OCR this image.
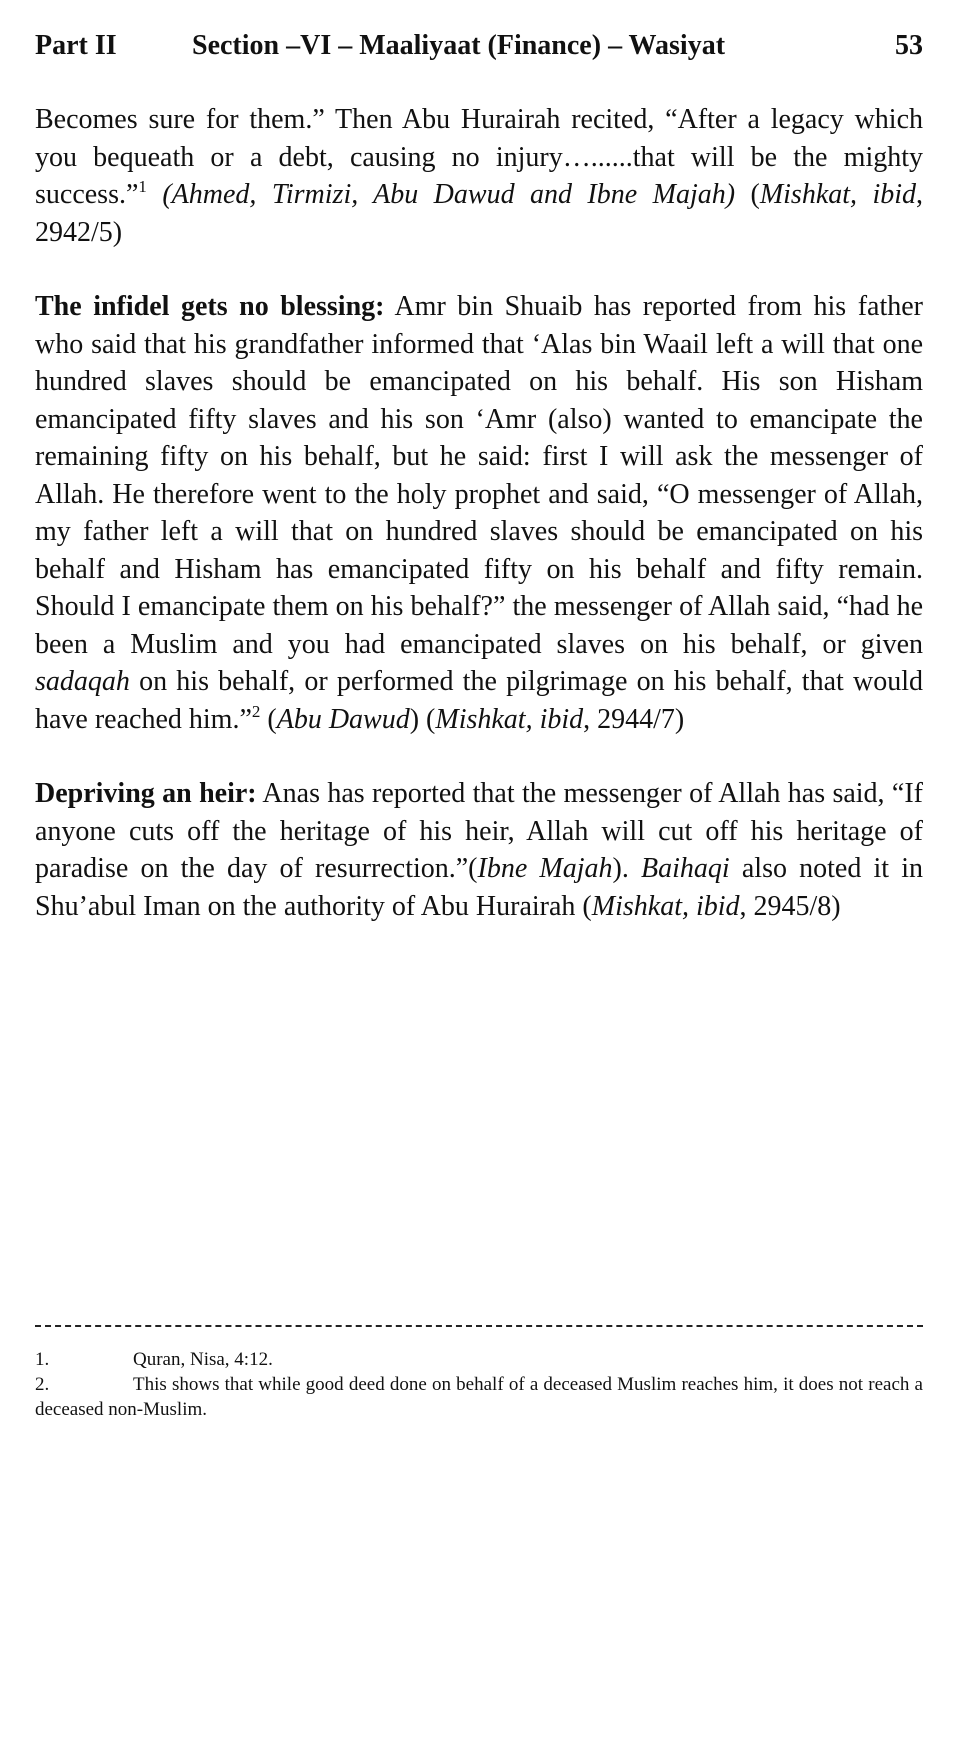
Part II	Section –VI – Maaliyaat (Finance) – Wasiyat	53

Becomes sure for them.” Then Abu Hurairah recited, “After a legacy which you bequeath or a debt, causing no injury…......that will be the mighty success.”$^1$ (Ahmed, Tirmizi, Abu Dawud and Ibne Majah) (Mishkat, ibid, 2942/5)

The infidel gets no blessing: Amr bin Shuaib has reported from his father who said that his grandfather informed that ‘Alas bin Waail left a will that one hundred slaves should be emancipated on his behalf. His son Hisham emancipated fifty slaves and his son ‘Amr (also) wanted to emancipate the remaining fifty on his behalf, but he said: first I will ask the messenger of Allah. He therefore went to the holy prophet and said, “O messenger of Allah, my father left a will that on hundred slaves should be emancipated on his behalf and Hisham has emancipated fifty on his behalf and fifty remain. Should I emancipate them on his behalf?” the messenger of Allah said, “had he been a Muslim and you had emancipated slaves on his behalf, or given sadaqah on his behalf, or performed the pilgrimage on his behalf, that would have reached him.”$^2$ (Abu Dawud) (Mishkat, ibid, 2944/7)

Depriving an heir: Anas has reported that the messenger of Allah has said, “If anyone cuts off the heritage of his heir, Allah will cut off his heritage of paradise on the day of resurrection.”(Ibne Majah). Baihaqi also noted it in Shu’abul Iman on the authority of Abu Hurairah (Mishkat, ibid, 2945/8)

1.	Quran, Nisa, 4:12.

2.	This shows that while good deed done on behalf of a deceased Muslim reaches him, it does not reach a deceased non-Muslim.
